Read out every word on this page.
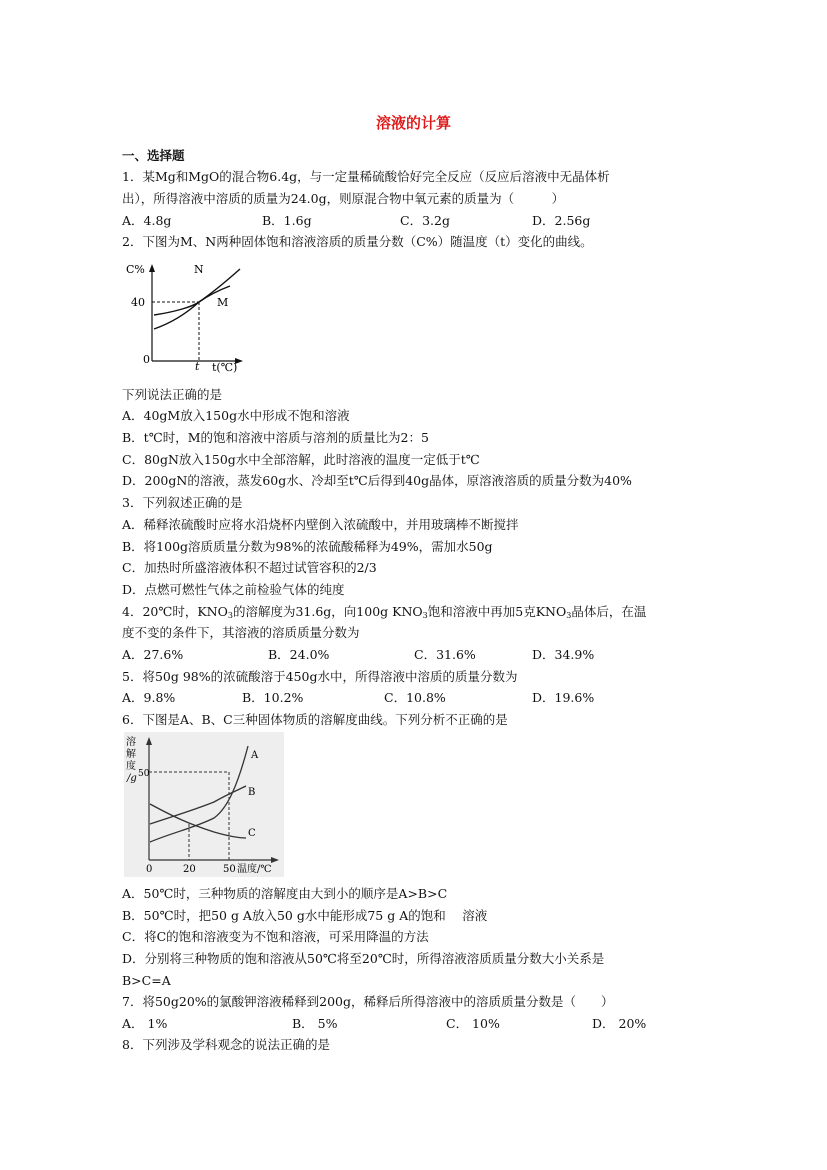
溶液的计算
一、选择题
1．某Mg和MgO的混合物6.4g，与一定量稀硫酸恰好完全反应（反应后溶液中无晶体析
出），所得溶液中溶质的质量为24.0g，则原混合物中氧元素的质量为（　　　）
A．4.8g	B．1.6g	C．3.2g	D．2.56g
2．下图为M、N两种固体饱和溶液溶质的质量分数（C%）随温度（t）变化的曲线。
C%
40
0
t t(℃)
N
M
下列说法正确的是
A．40gM放入150g水中形成不饱和溶液
B．t℃时，M的饱和溶液中溶质与溶剂的质量比为2：5
C．80gN放入150g水中全部溶解，此时溶液的温度一定低于t℃
D．200gN的溶液，蒸发60g水、冷却至t℃后得到40g晶体，原溶液溶质的质量分数为40%
3．下列叙述正确的是
A．稀释浓硫酸时应将水沿烧杯内壁倒入浓硫酸中，并用玻璃棒不断搅拌
B．将100g溶质质量分数为98%的浓硫酸稀释为49%，需加水50g
C．加热时所盛溶液体积不超过试管容积的2/3
D．点燃可燃性气体之前检验气体的纯度
4．20℃时，$KNO_3$的溶解度为31.6g，向100g $KNO_3$饱和溶液中再加5克$KNO_3$晶体后，在温
度不变的条件下，其溶液的溶质质量分数为
A．27.6%	B．24.0%	C．31.6%	D．34.9%
5．将50g 98%的浓硫酸溶于450g水中，所得溶液中溶质的质量分数为
A．9.8%	B．10.2%	C．10.8%	D．19.6%
6．下图是A、B、C三种固体物质的溶解度曲线。下列分析不正确的是
溶
解
度
/g 50
0	20	50 温度/℃
A
B
C
A．50℃时，三种物质的溶解度由大到小的顺序是A>B>C
B．50℃时，把50 g A放入50 g水中能形成75 g A的饱和　 溶液
C．将C的饱和溶液变为不饱和溶液，可采用降温的方法
D．分别将三种物质的饱和溶液从50℃将至20℃时，所得溶液溶质质量分数大小关系是
B>C=A
7．将50g20%的氯酸钾溶液稀释到200g，稀释后所得溶液中的溶质质量分数是（　　）
A． 1%	B． 5%	C． 10%	D． 20%
8．下列涉及学科观念的说法正确的是
